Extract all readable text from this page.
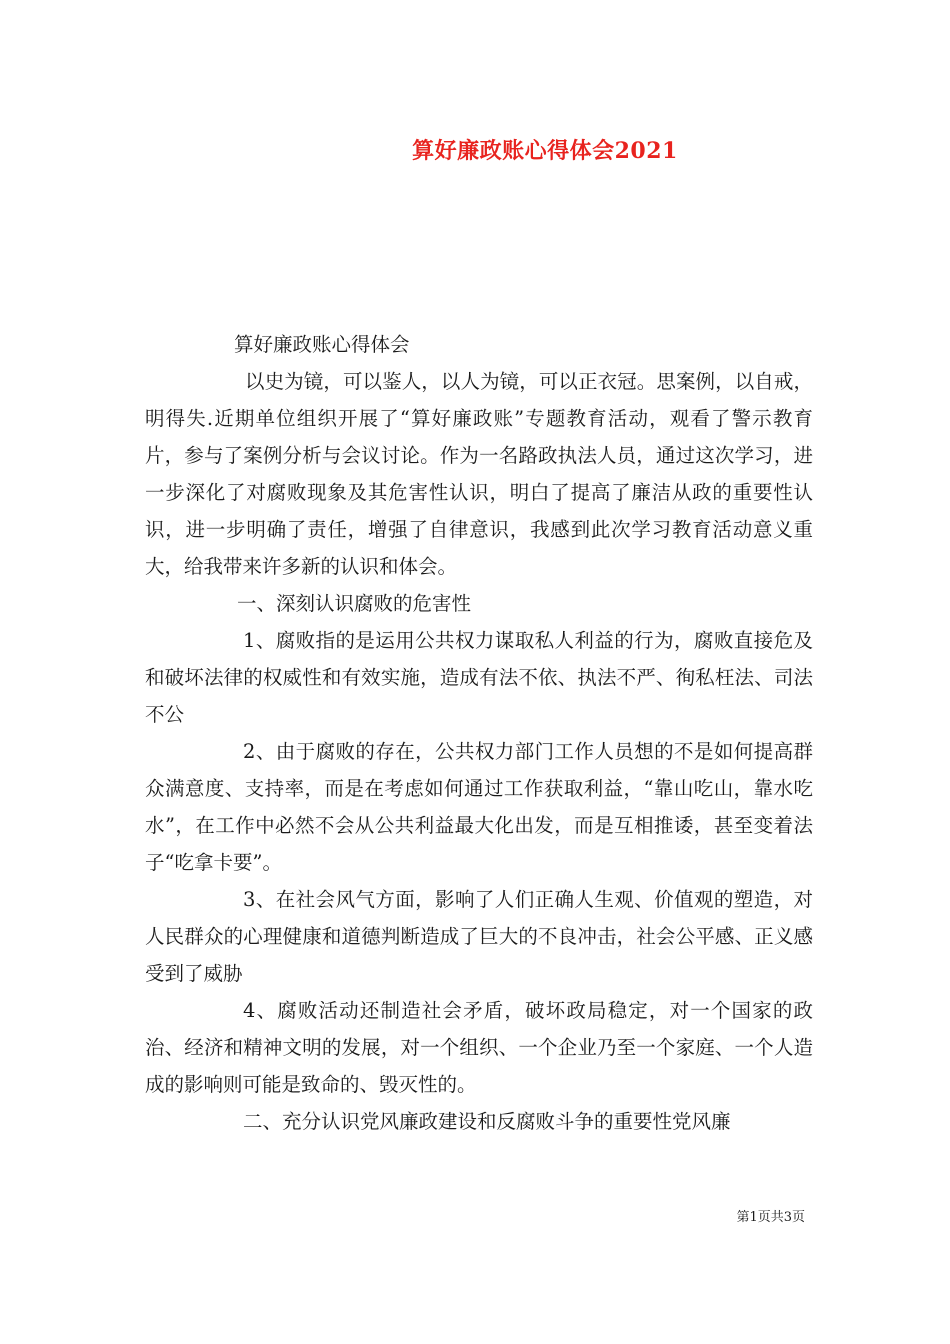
算好廉政账心得体会2021

算好廉政账心得体会

以史为镜，可以鉴人，以人为镜，可以正衣冠。思案例，以自戒，明得失.近期单位组织开展了“算好廉政账”专题教育活动，观看了警示教育片，参与了案例分析与会议讨论。作为一名路政执法人员，通过这次学习，进一步深化了对腐败现象及其危害性认识，明白了提高了廉洁从政的重要性认识，进一步明确了责任，增强了自律意识，我感到此次学习教育活动意义重大，给我带来许多新的认识和体会。

一、深刻认识腐败的危害性

1、腐败指的是运用公共权力谋取私人利益的行为，腐败直接危及和破坏法律的权威性和有效实施，造成有法不依、执法不严、徇私枉法、司法不公

2、由于腐败的存在，公共权力部门工作人员想的不是如何提高群众满意度、支持率，而是在考虑如何通过工作获取利益，“靠山吃山，靠水吃水”，在工作中必然不会从公共利益最大化出发，而是互相推诿，甚至变着法子“吃拿卡要”。

3、在社会风气方面，影响了人们正确人生观、价值观的塑造，对人民群众的心理健康和道德判断造成了巨大的不良冲击，社会公平感、正义感受到了威胁

4、腐败活动还制造社会矛盾，破坏政局稳定，对一个国家的政治、经济和精神文明的发展，对一个组织、一个企业乃至一个家庭、一个人造成的影响则可能是致命的、毁灭性的。

二、充分认识党风廉政建设和反腐败斗争的重要性党风廉

第1页共3页
